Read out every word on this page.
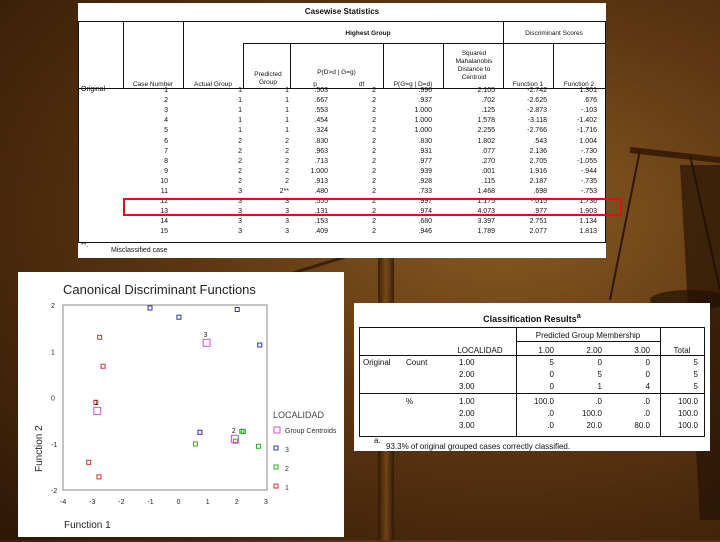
Casewise Statistics
Highest Group	Discriminant Scores
Case Number	Actual Group
Predicted Group
P(D>d | G=g)
p	df	P(G=g | D=d)
Squared Mahalanobis Distance to Centroid
Function 1	Function 2
Original	1	1	1	.503	2	.996	2.105	-2.742	1.301
2	1	1	.667	2	.937	.702	-2.625	.676
3	1	1	.553	2	1.000	.125	-2.873	-.103
4	1	1	.454	2	1.000	1.578	-3.118	-1.402
5	1	1	.324	2	1.000	2.255	-2.766	-1.716
6	2	2	.830	2	.830	1.802	.543	1.004
7	2	2	.963	2	.931	.077	2.136	-.730
8	2	2	.713	2	.977	.270	2.705	-1.055
9	2	2	1.000	2	.939	.001	1.916	-.944
10	2	2	.913	2	.928	.115	2.187	-.735
11	3	2**	.480	2	.733	1.468	.698	-.753
12	3	3	.555	2	.997	1.175	-.015	1.736
13	3	3	.131	2	.974	4.073	.977	1.903
14	3	3	.153	2	.680	3.397	2.751	1.134
15	3	3	.409	2	.946	1.789	2.077	1.813
**.
Misclassified case
Canonical Discriminant Functions
-4	-3	-2	-1	0	1	2	3
2
1
0
-1
-2
Function 1
Function 2
1
2
3
LOCALIDAD
Group Centroids
3
2
1
Classification Results$^a$
Predicted Group Membership
LOCALIDAD	1.00	2.00	3.00	Total
Original Count
%
1.00	5	0	0	5
2.00	0	5	0	5
3.00	0	1	4	5
1.00	100.0	.0	.0	100.0
2.00	.0	100.0	.0	100.0
3.00	.0	20.0	80.0	100.0
a.
93.3% of original grouped cases correctly classified.
